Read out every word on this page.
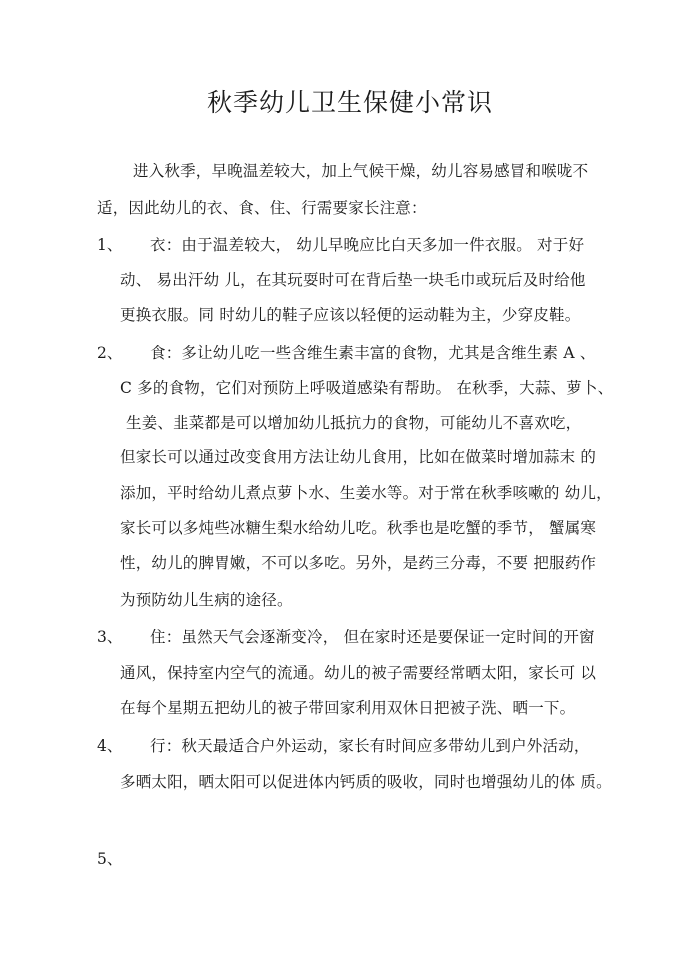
秋季幼儿卫生保健小常识
进入秋季，早晚温差较大，加上气候干燥，幼儿容易感冒和喉咙不
适，因此幼儿的衣、食、住、行需要家长注意：
1、 衣：由于温差较大， 幼儿早晚应比白天多加一件衣服。 对于好
动、 易出汗幼 儿，在其玩耍时可在背后垫一块毛巾或玩后及时给他
更换衣服。同 时幼儿的鞋子应该以轻便的运动鞋为主，少穿皮鞋。
2、 食：多让幼儿吃一些含维生素丰富的食物，尤其是含维生素 A 、
C 多的食物，它们对预防上呼吸道感染有帮助。 在秋季，大蒜、萝卜、
生姜、韭菜都是可以增加幼儿抵抗力的食物，可能幼儿不喜欢吃，
但家长可以通过改变食用方法让幼儿食用，比如在做菜时增加蒜末 的
添加，平时给幼儿煮点萝卜水、生姜水等。对于常在秋季咳嗽的 幼儿，
家长可以多炖些冰糖生梨水给幼儿吃。秋季也是吃蟹的季节， 蟹属寒
性，幼儿的脾胃嫩，不可以多吃。另外，是药三分毒，不要 把服药作
为预防幼儿生病的途径。
3、 住：虽然天气会逐渐变冷， 但在家时还是要保证一定时间的开窗
通风，保持室内空气的流通。幼儿的被子需要经常晒太阳，家长可 以
在每个星期五把幼儿的被子带回家利用双休日把被子洗、晒一下。
4、 行：秋天最适合户外运动，家长有时间应多带幼儿到户外活动，
多晒太阳，晒太阳可以促进体内钙质的吸收，同时也增强幼儿的体 质。
5、
